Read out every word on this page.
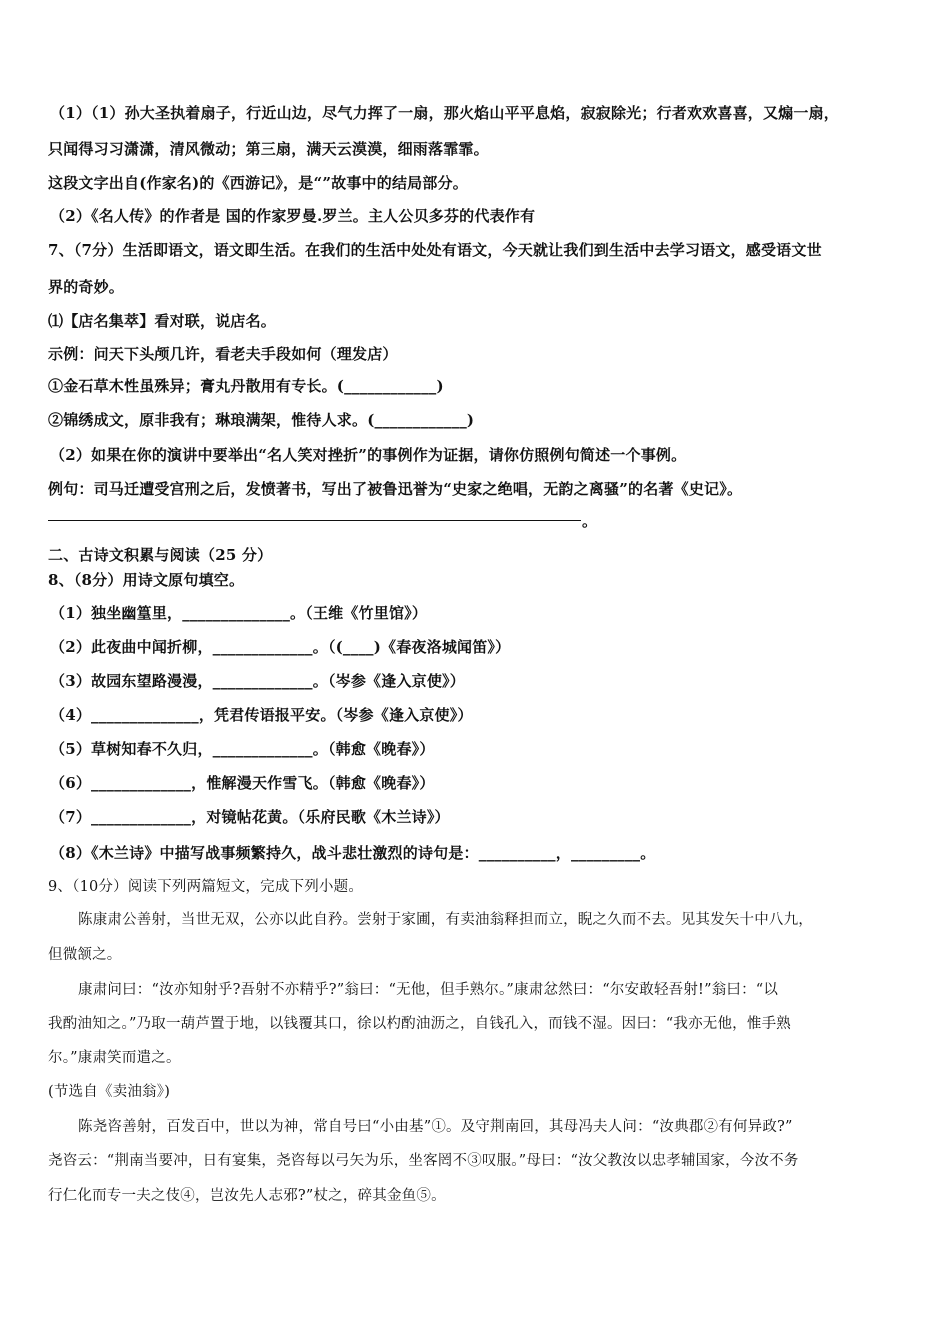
（1）（1）孙大圣执着扇子，行近山边，尽气力挥了一扇，那火焰山平平息焰，寂寂除光；行者欢欢喜喜，又煽一扇，
只闻得习习潇潇，清风微动；第三扇，满天云漠漠，细雨落霏霏。
这段文字出自(作家名)的《西游记》，是“”故事中的结局部分。
（2）《名人传》的作者是 国的作家罗曼.罗兰。主人公贝多芬的代表作有
7、（7分）生活即语文，语文即生活。在我们的生活中处处有语文，今天就让我们到生活中去学习语文，感受语文世
界的奇妙。
⑴【店名集萃】看对联，说店名。
示例：问天下头颅几许，看老夫手段如何（理发店）
①金石草木性虽殊异；膏丸丹散用有专长。(____________)
②锦绣成文，原非我有；琳琅满架，惟待人求。(____________)
（2）如果在你的演讲中要举出“名人笑对挫折”的事例作为证据，请你仿照例句简述一个事例。
例句：司马迁遭受宫刑之后，发愤著书，写出了被鲁迅誉为“史家之绝唱，无韵之离骚”的名著《史记》。
。
二、古诗文积累与阅读（25 分）
8、（8分）用诗文原句填空。
（1）独坐幽篁里，______________。（王维《竹里馆》）
（2）此夜曲中闻折柳，_____________。（(____)《春夜洛城闻笛》）
（3）故园东望路漫漫，_____________。（岑参《逢入京使》）
（4）______________，凭君传语报平安。（岑参《逢入京使》）
（5）草树知春不久归，_____________。（韩愈《晚春》）
（6）_____________，惟解漫天作雪飞。（韩愈《晚春》）
（7）_____________，对镜帖花黄。（乐府民歌《木兰诗》）
（8）《木兰诗》中描写战事频繁持久，战斗悲壮激烈的诗句是：__________，_________。
9、（10分）阅读下列两篇短文，完成下列小题。
陈康肃公善射，当世无双，公亦以此自矜。尝射于家圃，有卖油翁释担而立，睨之久而不去。见其发矢十中八九，
但微颔之。
康肃问曰：“汝亦知射乎?吾射不亦精乎?”翁曰：“无他，但手熟尔。”康肃忿然曰：“尔安敢轻吾射!”翁曰：“以
我酌油知之。”乃取一葫芦置于地，以钱覆其口，徐以杓酌油沥之，自钱孔入，而钱不湿。因曰：“我亦无他，惟手熟
尔。”康肃笑而遣之。
(节选自《卖油翁》)
陈尧咨善射，百发百中，世以为神，常自号曰“小由基”①。及守荆南回，其母冯夫人问：“汝典郡②有何异政?”
尧咨云：“荆南当要冲，日有宴集，尧咨每以弓矢为乐，坐客罔不③叹服。”母曰：“汝父教汝以忠孝辅国家，今汝不务
行仁化而专一夫之伎④，岂汝先人志邪?”杖之，碎其金鱼⑤。
